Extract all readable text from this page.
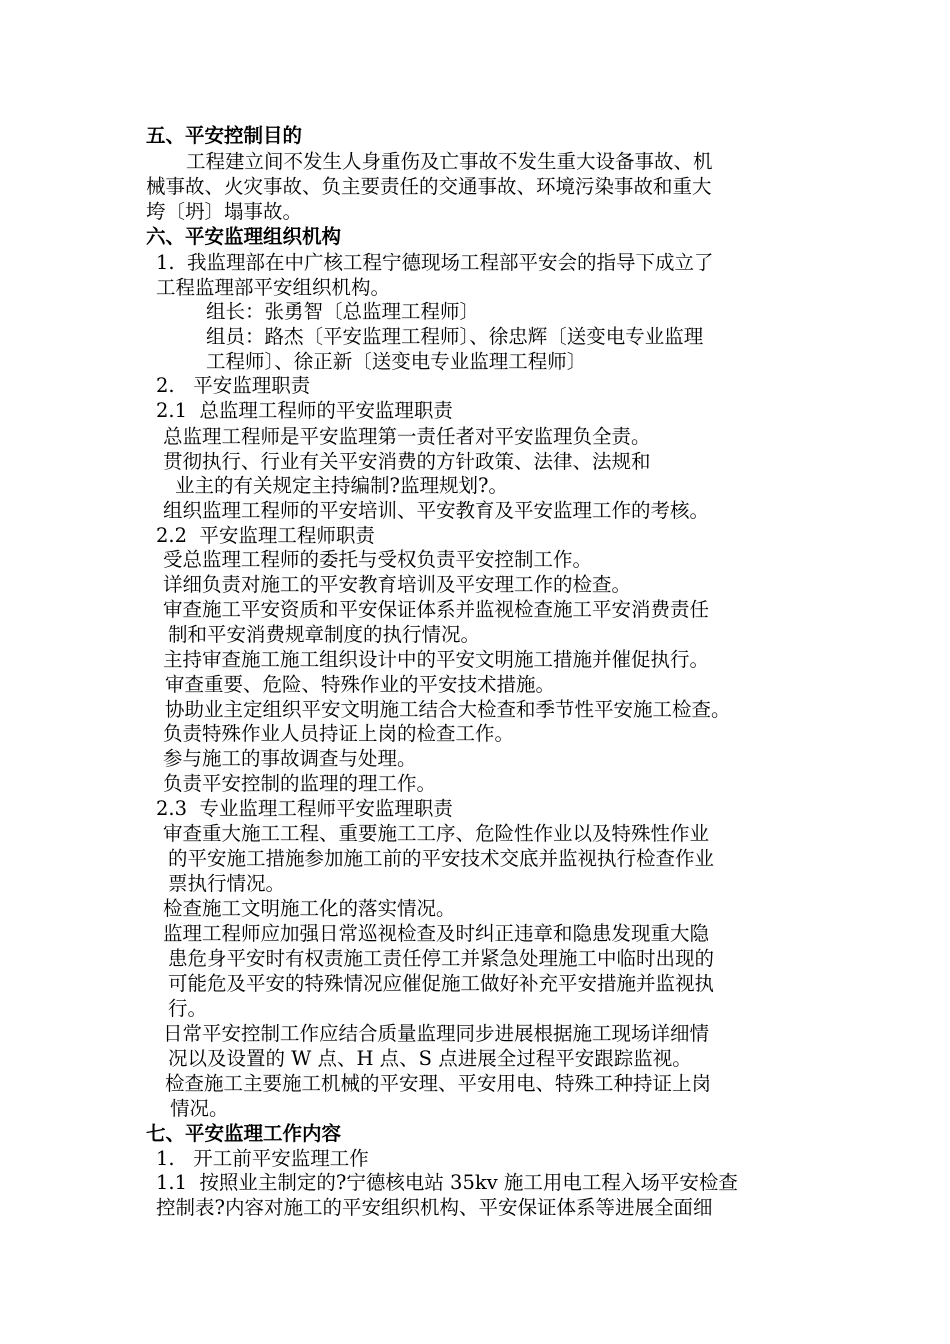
五、平安控制目的
工程建立间不发生人身重伤及亡事故不发生重大设备事故、机
械事故、火灾事故、负主要责任的交通事故、环境污染事故和重大
垮〔坍〕塌事故。
六、平安监理组织机构
1.  我监理部在中广核工程宁德现场工程部平安会的指导下成立了
工程监理部平安组织机构。
组长：张勇智〔总监理工程师〕
组员：路杰〔平安监理工程师〕、徐忠辉〔送变电专业监理
工程师〕、徐正新〔送变电专业监理工程师〕
2.   平安监理职责
2.1  总监理工程师的平安监理职责
总监理工程师是平安监理第一责任者对平安监理负全责。
贯彻执行、行业有关平安消费的方针政策、法律、法规和
业主的有关规定主持编制?监理规划?。
组织监理工程师的平安培训、平安教育及平安监理工作的考核。
2.2  平安监理工程师职责
受总监理工程师的委托与受权负责平安控制工作。
详细负责对施工的平安教育培训及平安理工作的检查。
审查施工平安资质和平安保证体系并监视检查施工平安消费责任
制和平安消费规章制度的执行情况。
主持审查施工施工组织设计中的平安文明施工措施并催促执行。
审查重要、危险、特殊作业的平安技术措施。
协助业主定组织平安文明施工结合大检查和季节性平安施工检查。
负责特殊作业人员持证上岗的检查工作。
参与施工的事故调查与处理。
负责平安控制的监理的理工作。
2.3  专业监理工程师平安监理职责
审查重大施工工程、重要施工工序、危险性作业以及特殊性作业
的平安施工措施参加施工前的平安技术交底并监视执行检查作业
票执行情况。
检查施工文明施工化的落实情况。
监理工程师应加强日常巡视检查及时纠正违章和隐患发现重大隐
患危身平安时有权责施工责任停工并紧急处理施工中临时出现的
可能危及平安的特殊情况应催促施工做好补充平安措施并监视执
行。
日常平安控制工作应结合质量监理同步进展根据施工现场详细情
况以及设置的 W 点、H 点、S 点进展全过程平安跟踪监视。
检查施工主要施工机械的平安理、平安用电、特殊工种持证上岗
情况。
七、平安监理工作内容
1.   开工前平安监理工作
1.1  按照业主制定的?宁德核电站 35kv 施工用电工程入场平安检查
控制表?内容对施工的平安组织机构、平安保证体系等进展全面细
